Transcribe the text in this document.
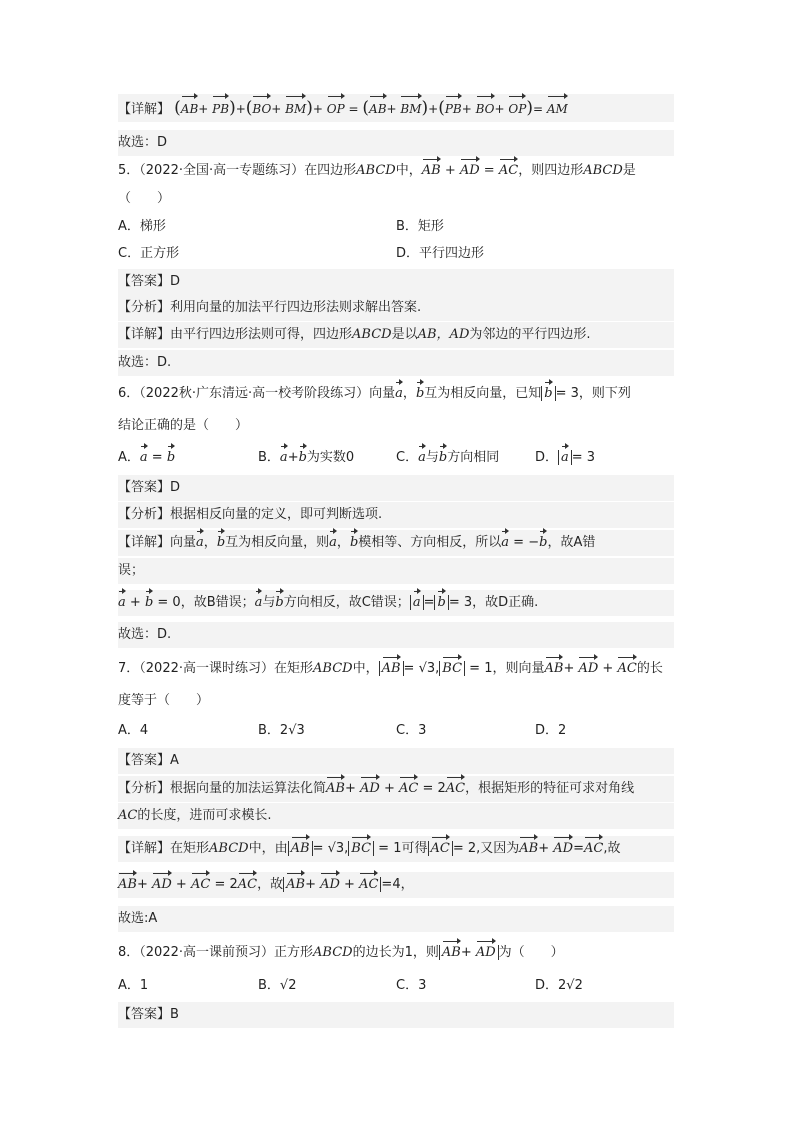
【详解】 (AB+ PB)+(BO+ BM)+ OP = (AB+ BM)+(PB+ BO+ OP)= AM
故选：D
5．（2022·全国·高一专题练习）在四边形ABCD中，AB + AD = AC，则四边形ABCD是
（　　）
A．梯形	B．矩形
C．正方形	D．平行四边形
【答案】D
【分析】利用向量的加法平行四边形法则求解出答案.
【详解】由平行四边形法则可得，四边形ABCD是以AB，AD为邻边的平行四边形.
故选：D.
6．（2022秋·广东清远·高一校考阶段练习）向量a，b互为相反向量，已知 b = 3，则下列
结论正确的是（　　）
A．a = b	B．a+b为实数0	C．a与b方向相同	D． a = 3
【答案】D
【分析】根据相反向量的定义，即可判断选项.
【详解】向量a，b互为相反向量，则a，b模相等、方向相反，所以a = −b，故A错
误；
a + b = 0，故B错误；a与b方向相反，故C错误； a = b = 3，故D正确.
故选：D.
7．（2022·高一课时练习）在矩形ABCD中， AB = √3, BC = 1，则向量AB+ AD + AC的长
度等于（　　）
A．4	B．2√3	C．3	D．2
【答案】A
【分析】根据向量的加法运算法化简AB+ AD + AC = 2AC，根据矩形的特征可求对角线
AC的长度，进而可求模长.
【详解】在矩形ABCD中，由 AB = √3, BC = 1可得 AC = 2,又因为AB+ AD=AC,故
AB+ AD + AC = 2AC，故 AB+ AD + AC =4，
故选:A
8．（2022·高一课前预习）正方形ABCD的边长为1，则 AB+ AD 为（　　）
A．1	B．√2	C．3	D．2√2
【答案】B
